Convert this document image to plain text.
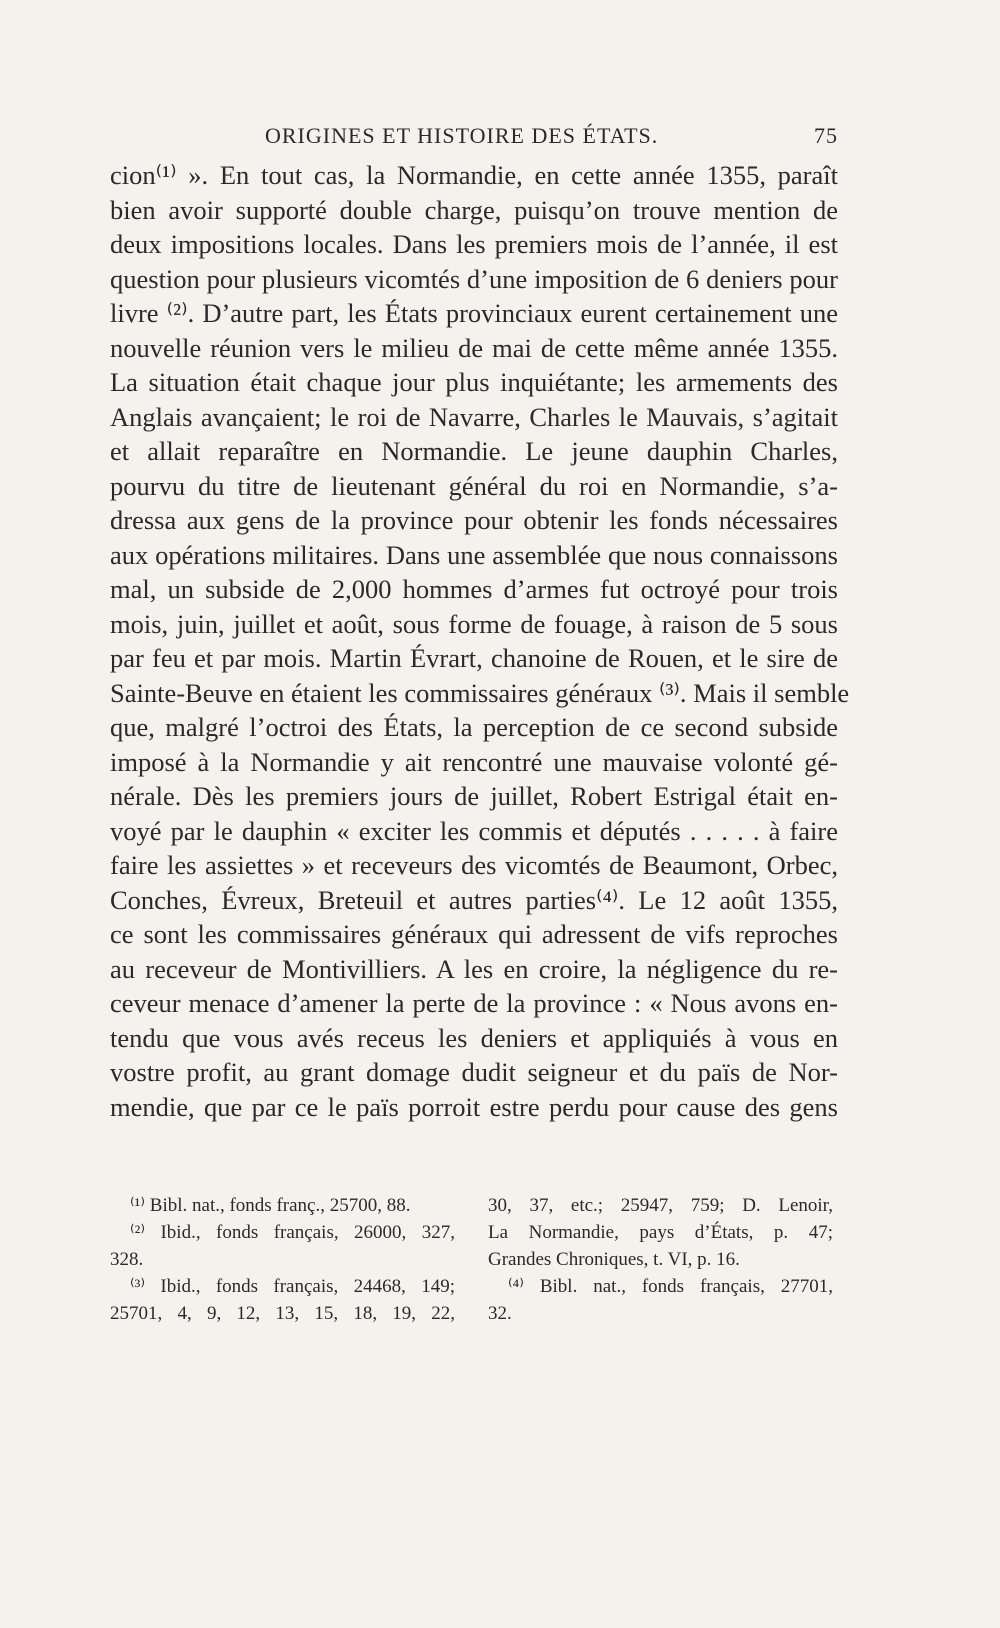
ORIGINES ET HISTOIRE DES ÉTATS.	75
cion⁽¹⁾ ». En tout cas, la Normandie, en cette année 1355, paraît
bien avoir supporté double charge, puisqu’on trouve mention de
deux impositions locales. Dans les premiers mois de l’année, il est
question pour plusieurs vicomtés d’une imposition de 6 deniers pour
livre ⁽²⁾. D’autre part, les États provinciaux eurent certainement une
nouvelle réunion vers le milieu de mai de cette même année 1355.
La situation était chaque jour plus inquiétante; les armements des
Anglais avançaient; le roi de Navarre, Charles le Mauvais, s’agitait
et allait reparaître en Normandie. Le jeune dauphin Charles,
pourvu du titre de lieutenant général du roi en Normandie, s’a-
dressa aux gens de la province pour obtenir les fonds nécessaires
aux opérations militaires. Dans une assemblée que nous connaissons
mal, un subside de 2,000 hommes d’armes fut octroyé pour trois
mois, juin, juillet et août, sous forme de fouage, à raison de 5 sous
par feu et par mois. Martin Évrart, chanoine de Rouen, et le sire de
Sainte-Beuve en étaient les commissaires généraux ⁽³⁾. Mais il semble
que, malgré l’octroi des États, la perception de ce second subside
imposé à la Normandie y ait rencontré une mauvaise volonté gé-
nérale. Dès les premiers jours de juillet, Robert Estrigal était en-
voyé par le dauphin « exciter les commis et députés . . . . . à faire
faire les assiettes » et receveurs des vicomtés de Beaumont, Orbec,
Conches, Évreux, Breteuil et autres parties⁽⁴⁾. Le 12 août 1355,
ce sont les commissaires généraux qui adressent de vifs reproches
au receveur de Montivilliers. A les en croire, la négligence du re-
ceveur menace d’amener la perte de la province : « Nous avons en-
tendu que vous avés receus les deniers et appliquiés à vous en
vostre profit, au grant domage dudit seigneur et du païs de Nor-
mendie, que par ce le païs porroit estre perdu pour cause des gens
⁽¹⁾ Bibl. nat., fonds franç., 25700, 88.
⁽²⁾ Ibid., fonds français, 26000, 327,
328.
⁽³⁾ Ibid., fonds français, 24468, 149;
25701, 4, 9, 12, 13, 15, 18, 19, 22,
30, 37, etc.; 25947, 759; D. Lenoir,
La Normandie, pays d’États, p. 47;
Grandes Chroniques, t. VI, p. 16.
⁽⁴⁾ Bibl. nat., fonds français, 27701,
32.
